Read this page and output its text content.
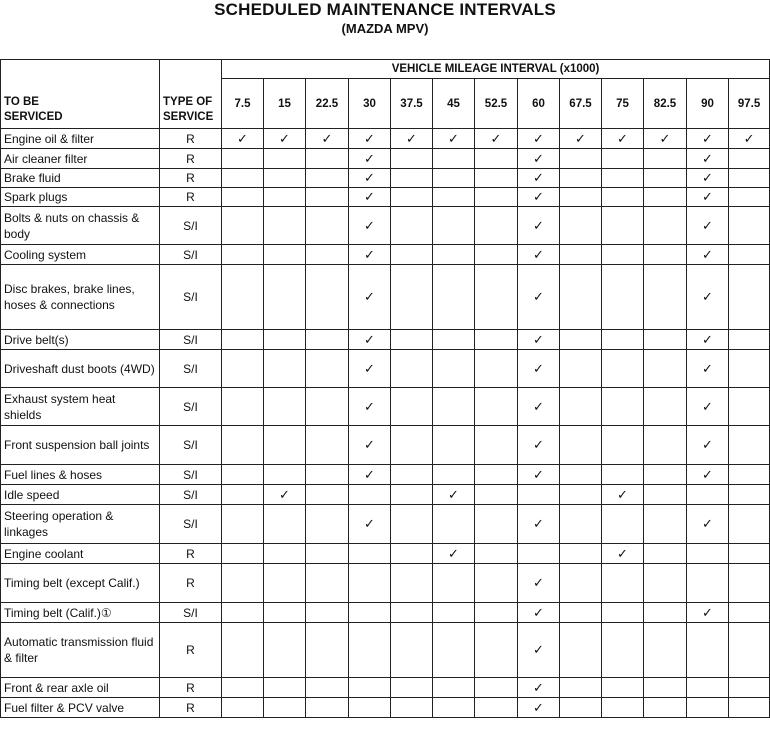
SCHEDULED MAINTENANCE INTERVALS
(MAZDA MPV)
TO BE
SERVICED	TYPE OF
SERVICE	VEHICLE MILEAGE INTERVAL (x1000)												
		7.5	15	22.5	30	37.5	45	52.5	60	67.5	75	82.5	90	97.5
Engine oil & filter	R	✓	✓	✓	✓	✓	✓	✓	✓	✓	✓	✓	✓	✓
Air cleaner filter	R				✓				✓				✓	
Brake fluid	R				✓				✓				✓	
Spark plugs	R				✓				✓				✓	
Bolts & nuts on chassis & body	S/I				✓				✓				✓	
Cooling system	S/I				✓				✓				✓	
Disc brakes, brake lines, hoses & connections	S/I				✓				✓				✓	
Drive belt(s)	S/I				✓				✓				✓	
Driveshaft dust boots (4WD)	S/I				✓				✓				✓	
Exhaust system heat shields	S/I				✓				✓				✓	
Front suspension ball joints	S/I				✓				✓				✓	
Fuel lines & hoses	S/I				✓				✓				✓	
Idle speed	S/I		✓				✓				✓			
Steering operation & linkages	S/I				✓				✓				✓	
Engine coolant	R						✓				✓			
Timing belt (except Calif.)	R								✓					
Timing belt (Calif.)①	S/I								✓				✓	
Automatic transmission fluid & filter	R								✓					
Front & rear axle oil	R								✓					
Fuel filter & PCV valve	R								✓					
